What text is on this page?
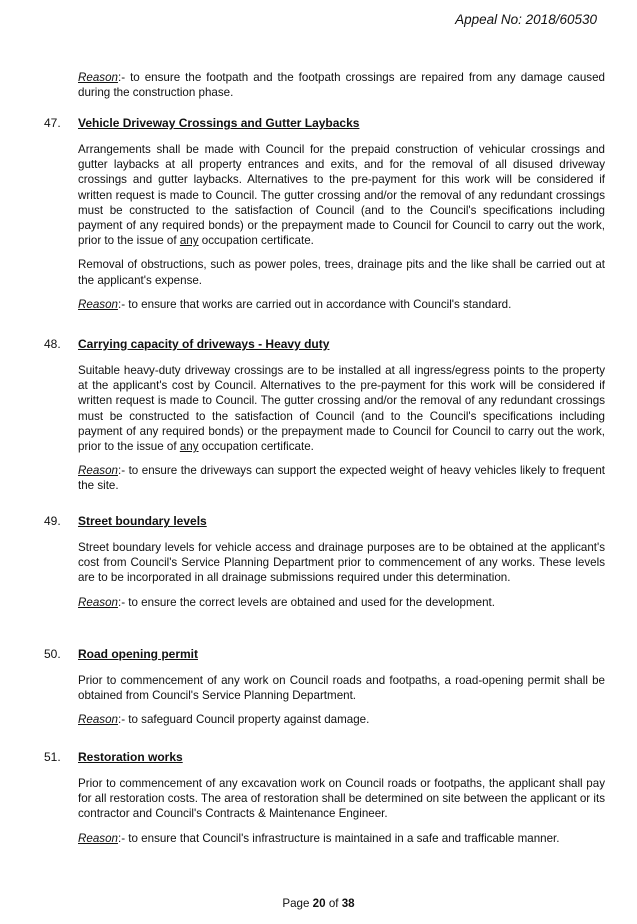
Appeal No: 2018/60530

Reason:- to ensure the footpath and the footpath crossings are repaired from any damage caused during the construction phase.

47. Vehicle Driveway Crossings and Gutter Laybacks

Arrangements shall be made with Council for the prepaid construction of vehicular crossings and gutter laybacks at all property entrances and exits, and for the removal of all disused driveway crossings and gutter laybacks. Alternatives to the pre-payment for this work will be considered if written request is made to Council. The gutter crossing and/or the removal of any redundant crossings must be constructed to the satisfaction of Council (and to the Council's specifications including payment of any required bonds) or the prepayment made to Council for Council to carry out the work, prior to the issue of any occupation certificate.

Removal of obstructions, such as power poles, trees, drainage pits and the like shall be carried out at the applicant's expense.

Reason:- to ensure that works are carried out in accordance with Council's standard.

48. Carrying capacity of driveways - Heavy duty

Suitable heavy-duty driveway crossings are to be installed at all ingress/egress points to the property at the applicant's cost by Council. Alternatives to the pre-payment for this work will be considered if written request is made to Council. The gutter crossing and/or the removal of any redundant crossings must be constructed to the satisfaction of Council (and to the Council's specifications including payment of any required bonds) or the prepayment made to Council for Council to carry out the work, prior to the issue of any occupation certificate.

Reason:- to ensure the driveways can support the expected weight of heavy vehicles likely to frequent the site.

49. Street boundary levels

Street boundary levels for vehicle access and drainage purposes are to be obtained at the applicant's cost from Council's Service Planning Department prior to commencement of any works. These levels are to be incorporated in all drainage submissions required under this determination.

Reason:- to ensure the correct levels are obtained and used for the development.

50. Road opening permit

Prior to commencement of any work on Council roads and footpaths, a road-opening permit shall be obtained from Council's Service Planning Department.

Reason:- to safeguard Council property against damage.

51. Restoration works

Prior to commencement of any excavation work on Council roads or footpaths, the applicant shall pay for all restoration costs. The area of restoration shall be determined on site between the applicant or its contractor and Council's Contracts & Maintenance Engineer.

Reason:- to ensure that Council's infrastructure is maintained in a safe and trafficable manner.

Page 20 of 38
